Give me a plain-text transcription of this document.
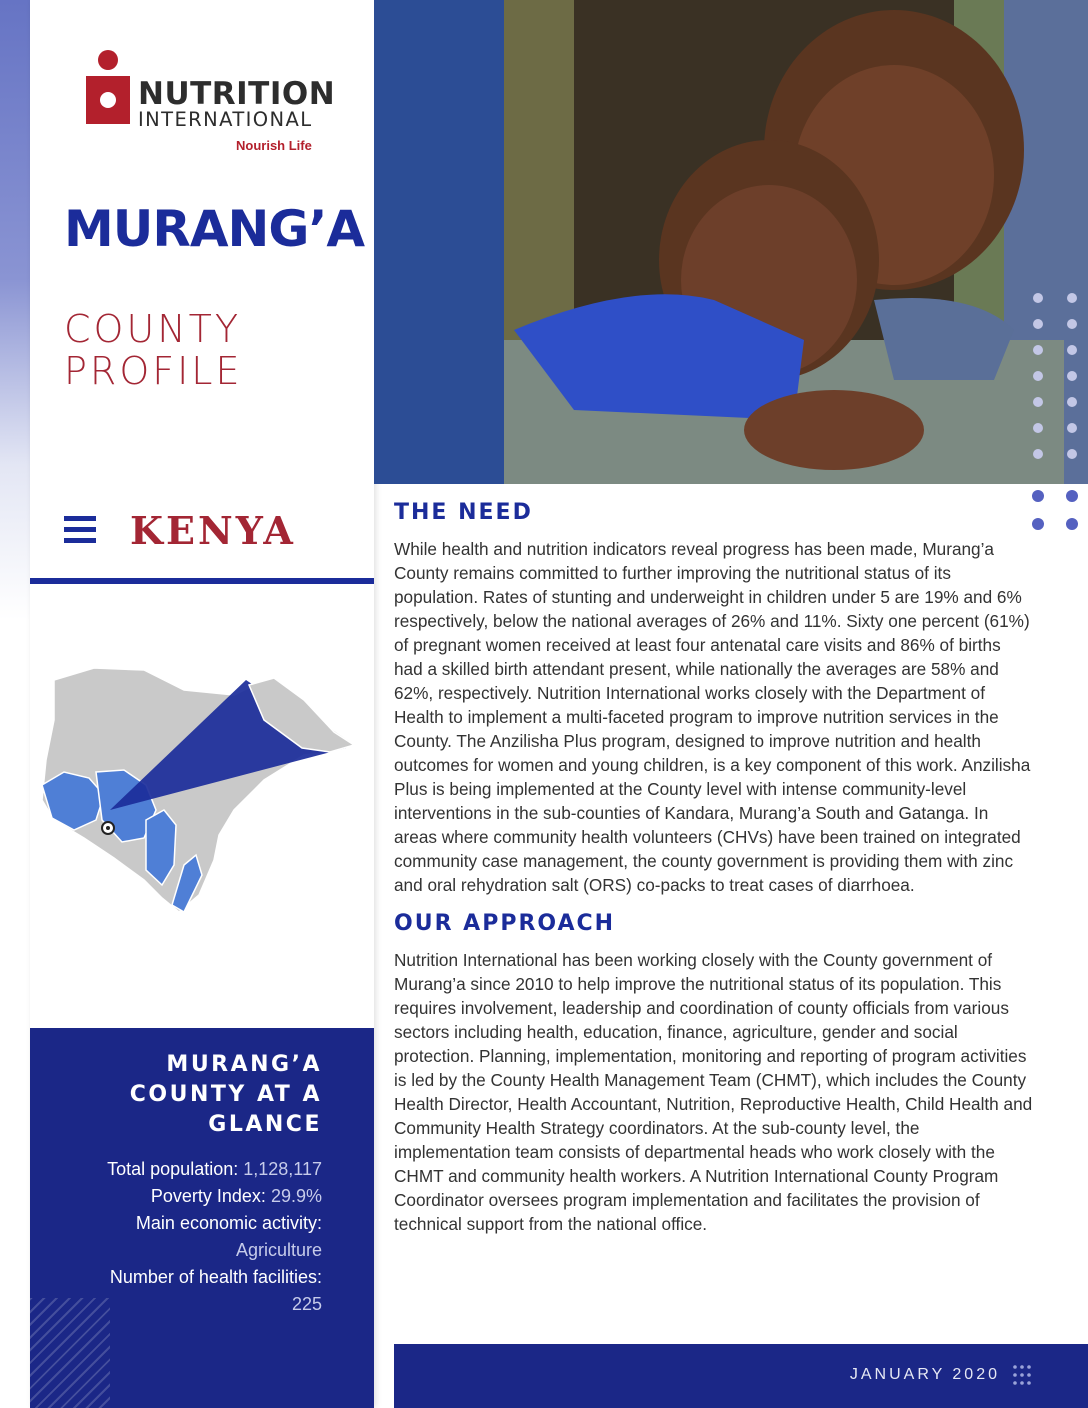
NUTRITION
INTERNATIONAL
Nourish Life
MURANG’A
COUNTY
PROFILE
KENYA
MURANG’A
COUNTY AT A
GLANCE
Total population: 1,128,117
Poverty Index: 29.9%
Main economic activity:
Agriculture
Number of health facilities:
225
THE NEED

While health and nutrition indicators reveal progress has been made, Murang’a County remains committed to further improving the nutritional status of its population. Rates of stunting and underweight in children under 5 are 19% and 6% respectively, below the national averages of 26% and 11%. Sixty one percent (61%) of pregnant women received at least four antenatal care visits and 86% of births had a skilled birth attendant present, while nationally the averages are 58% and 62%, respectively. Nutrition International works closely with the Department of Health to implement a multi-faceted program to improve nutrition services in the County. The Anzilisha Plus program, designed to improve nutrition and health outcomes for women and young children, is a key component of this work. Anzilisha Plus is being implemented at the County level with intense community-level interventions in the sub-counties of Kandara, Murang’a South and Gatanga. In areas where community health volunteers (CHVs) have been trained on integrated community case management, the county government is providing them with zinc and oral rehydration salt (ORS) co-packs to treat cases of diarrhoea.

OUR APPROACH

Nutrition International has been working closely with the County government of Murang’a since 2010 to help improve the nutritional status of its population. This requires involvement, leadership and coordination of county officials from various sectors including health, education, finance, agriculture, gender and social protection. Planning, implementation, monitoring and reporting of program activities is led by the County Health Management Team (CHMT), which includes the County Health Director, Health Accountant, Nutrition, Reproductive Health, Child Health and Community Health Strategy coordinators. At the sub-county level, the implementation team consists of departmental heads who work closely with the CHMT and community health workers. A Nutrition International County Program Coordinator oversees program implementation and facilitates the provision of technical support from the national office.

JANUARY 2020
